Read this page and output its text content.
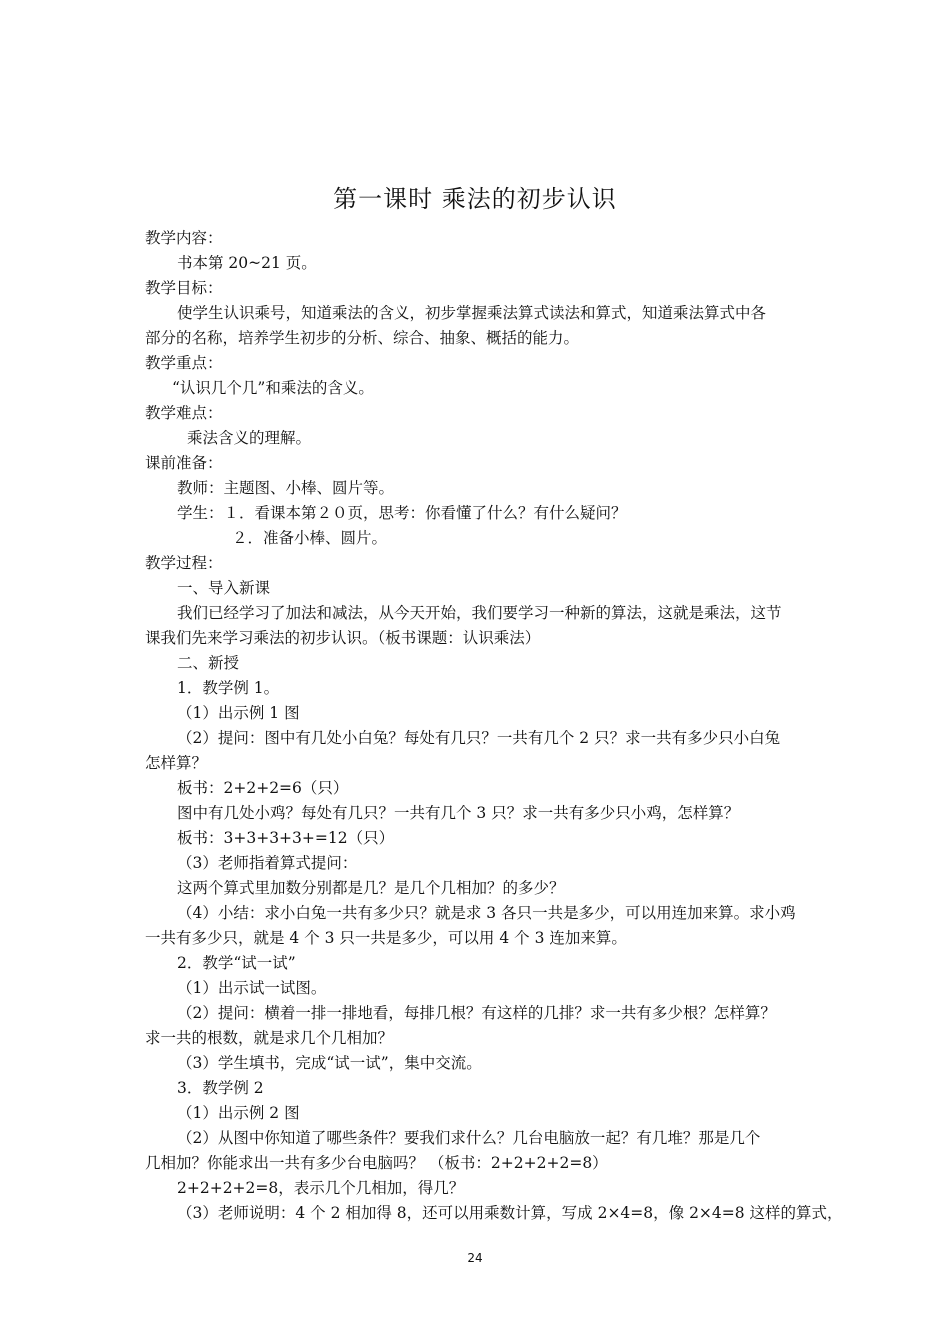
第一课时 乘法的初步认识
教学内容：
书本第 20~21 页。
教学目标：
使学生认识乘号，知道乘法的含义，初步掌握乘法算式读法和算式，知道乘法算式中各
部分的名称，培养学生初步的分析、综合、抽象、概括的能力。
教学重点：
“认识几个几”和乘法的含义。
教学难点：
乘法含义的理解。
课前准备：
教师：主题图、小棒、圆片等。
学生：１．看课本第２０页，思考：你看懂了什么？有什么疑问？
２．准备小棒、圆片。
教学过程：
一、导入新课
我们已经学习了加法和减法，从今天开始，我们要学习一种新的算法，这就是乘法，这节
课我们先来学习乘法的初步认识。（板书课题：认识乘法）
二、新授
1．教学例 1。
（1）出示例 1 图
（2）提问：图中有几处小白兔？每处有几只？一共有几个 2 只？求一共有多少只小白兔
怎样算？
板书：2+2+2=6（只）
图中有几处小鸡？每处有几只？一共有几个 3 只？求一共有多少只小鸡，怎样算？
板书：3+3+3+3+=12（只）
（3）老师指着算式提问：
这两个算式里加数分别都是几？是几个几相加？的多少？
（4）小结：求小白兔一共有多少只？就是求 3 各只一共是多少，可以用连加来算。求小鸡
一共有多少只，就是 4 个 3 只一共是多少，可以用 4 个 3 连加来算。
2．教学“试一试”
（1）出示试一试图。
（2）提问：横着一排一排地看，每排几根？有这样的几排？求一共有多少根？怎样算？
求一共的根数，就是求几个几相加？
（3）学生填书，完成“试一试”，集中交流。
3．教学例 2
（1）出示例 2 图
（2）从图中你知道了哪些条件？要我们求什么？几台电脑放一起？有几堆？那是几个
几相加？你能求出一共有多少台电脑吗？ （板书：2+2+2+2=8）
2+2+2+2=8，表示几个几相加，得几？
（3）老师说明：4 个 2 相加得 8，还可以用乘数计算，写成 2×4=8，像 2×4=8 这样的算式，
24
